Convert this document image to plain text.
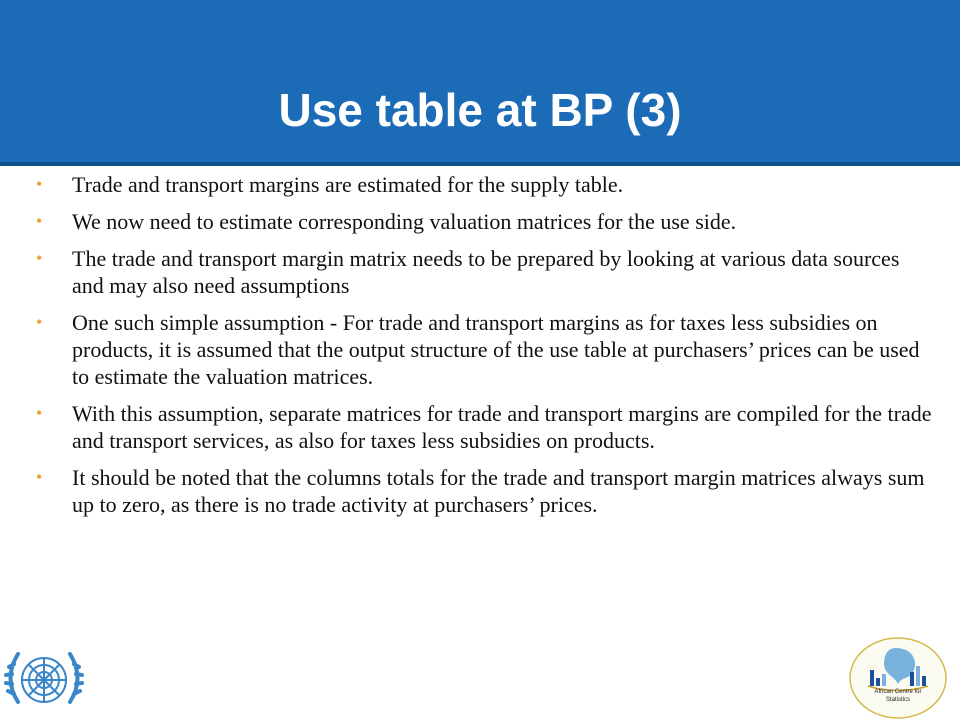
Use table at BP (3)
• Trade and transport margins are estimated for the supply table.
• We now need to estimate corresponding valuation matrices for the use side.
• The trade and transport margin matrix needs to be prepared by looking at various data sources and may also need assumptions
• One such simple assumption - For trade and transport margins as for taxes less subsidies on products, it is assumed that the output structure of the use table at purchasers’ prices can be used to estimate the valuation matrices.
• With this assumption, separate matrices for trade and transport margins are compiled for the trade and transport services, as also for taxes less subsidies on products.
• It should be noted that the columns totals for the trade and transport margin matrices always sum up to zero, as there is no trade activity at purchasers’ prices.
African Centre for
Statistics
